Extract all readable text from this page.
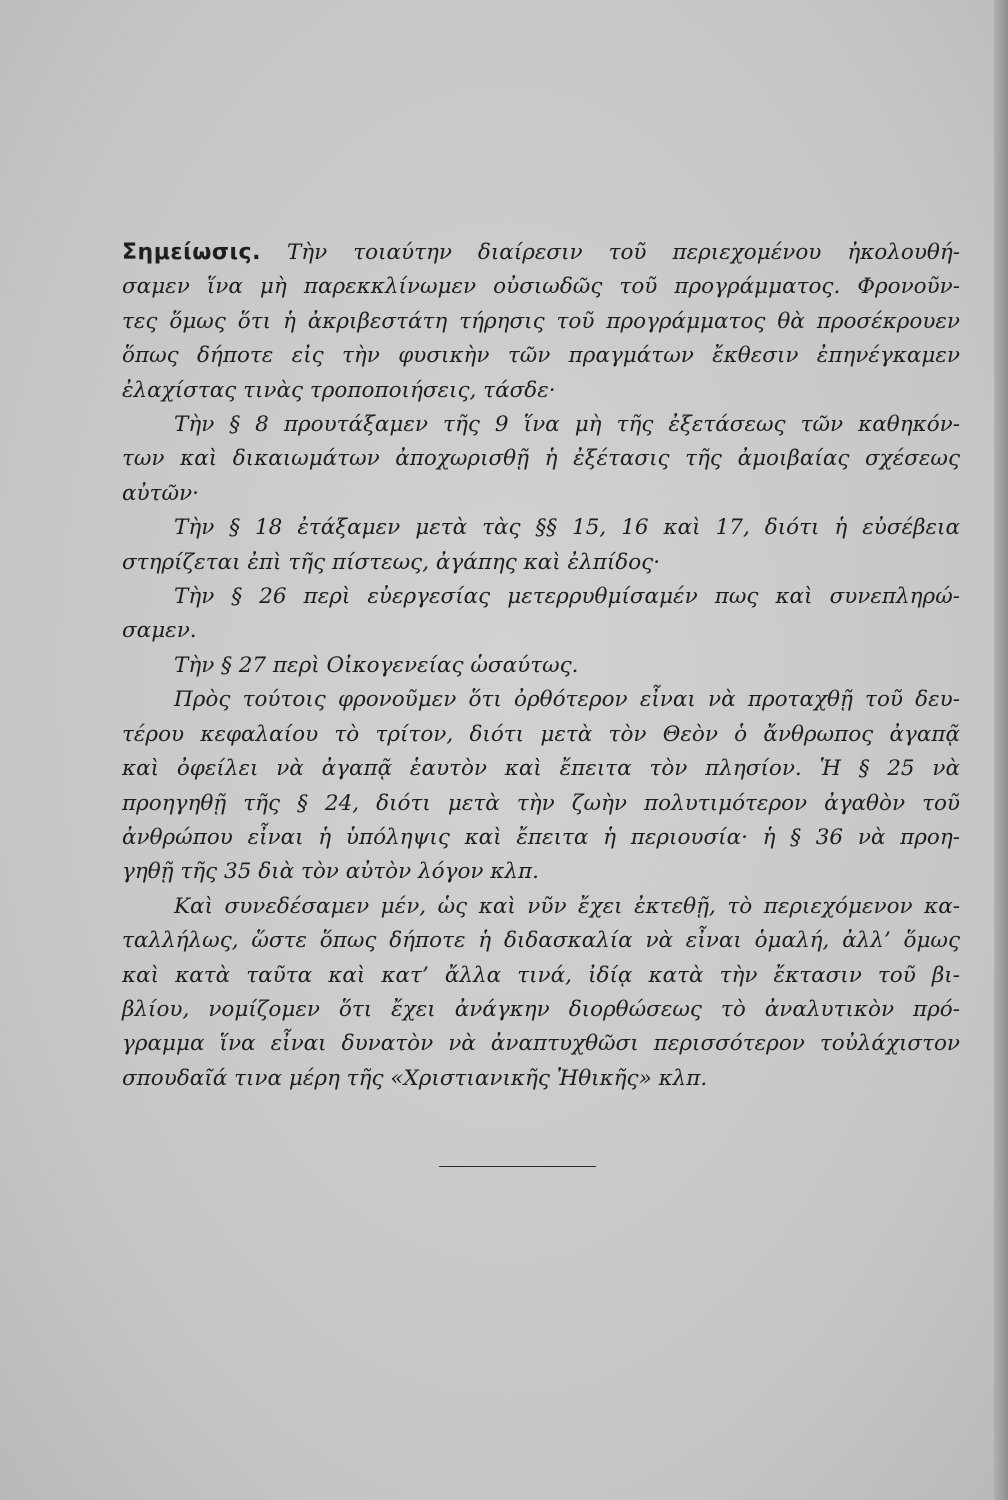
Σημείωσις. Τὴν τοιαύτην διαίρεσιν τοῦ περιεχομένου ἠκολουθή-
σαμεν ἵνα μὴ παρεκκλίνωμεν οὐσιωδῶς τοῦ προγράμματος. Φρονοῦν-
τες ὅμως ὅτι ἡ ἀκριβεστάτη τήρησις τοῦ προγράμματος θὰ προσέκρουεν
ὅπως δήποτε εἰς τὴν φυσικὴν τῶν πραγμάτων ἔκθεσιν ἐπηνέγκαμεν
ἐλαχίστας τινὰς τροποποιήσεις, τάσδε·

Τὴν § 8 προυτάξαμεν τῆς 9 ἵνα μὴ τῆς ἐξετάσεως τῶν καθηκόν-
των καὶ δικαιωμάτων ἀποχωρισθῇ ἡ ἐξέτασις τῆς ἀμοιβαίας σχέσεως
αὐτῶν·

Τὴν § 18 ἐτάξαμεν μετὰ τὰς §§ 15, 16 καὶ 17, διότι ἡ εὐσέβεια
στηρίζεται ἐπὶ τῆς πίστεως, ἀγάπης καὶ ἐλπίδος·

Τὴν § 26 περὶ εὐεργεσίας μετερρυθμίσαμέν πως καὶ συνεπληρώ-
σαμεν.

Τὴν § 27 περὶ Οἰκογενείας ὡσαύτως.

Πρὸς τούτοις φρονοῦμεν ὅτι ὀρθότερον εἶναι νὰ προταχθῇ τοῦ δευ-
τέρου κεφαλαίου τὸ τρίτον, διότι μετὰ τὸν Θεὸν ὁ ἄνθρωπος ἀγαπᾷ
καὶ ὀφείλει νὰ ἀγαπᾷ ἑαυτὸν καὶ ἔπειτα τὸν πλησίον. Ἡ § 25 νὰ
προηγηθῇ τῆς § 24, διότι μετὰ τὴν ζωὴν πολυτιμότερον ἀγαθὸν τοῦ
ἀνθρώπου εἶναι ἡ ὑπόληψις καὶ ἔπειτα ἡ περιουσία· ἡ § 36 νὰ προη-
γηθῇ τῆς 35 διὰ τὸν αὐτὸν λόγον κλπ.

Καὶ συνεδέσαμεν μέν, ὡς καὶ νῦν ἔχει ἐκτεθῇ, τὸ περιεχόμενον κα-
ταλλήλως, ὥστε ὅπως δήποτε ἡ διδασκαλία νὰ εἶναι ὁμαλή, ἀλλ’ ὅμως
καὶ κατὰ ταῦτα καὶ κατ’ ἄλλα τινά, ἰδίᾳ κατὰ τὴν ἔκτασιν τοῦ βι-
βλίου, νομίζομεν ὅτι ἔχει ἀνάγκην διορθώσεως τὸ ἀναλυτικὸν πρό-
γραμμα ἵνα εἶναι δυνατὸν νὰ ἀναπτυχθῶσι περισσότερον τοὐλάχιστον
σπουδαῖά τινα μέρη τῆς «Χριστιανικῆς Ἠθικῆς» κλπ.
